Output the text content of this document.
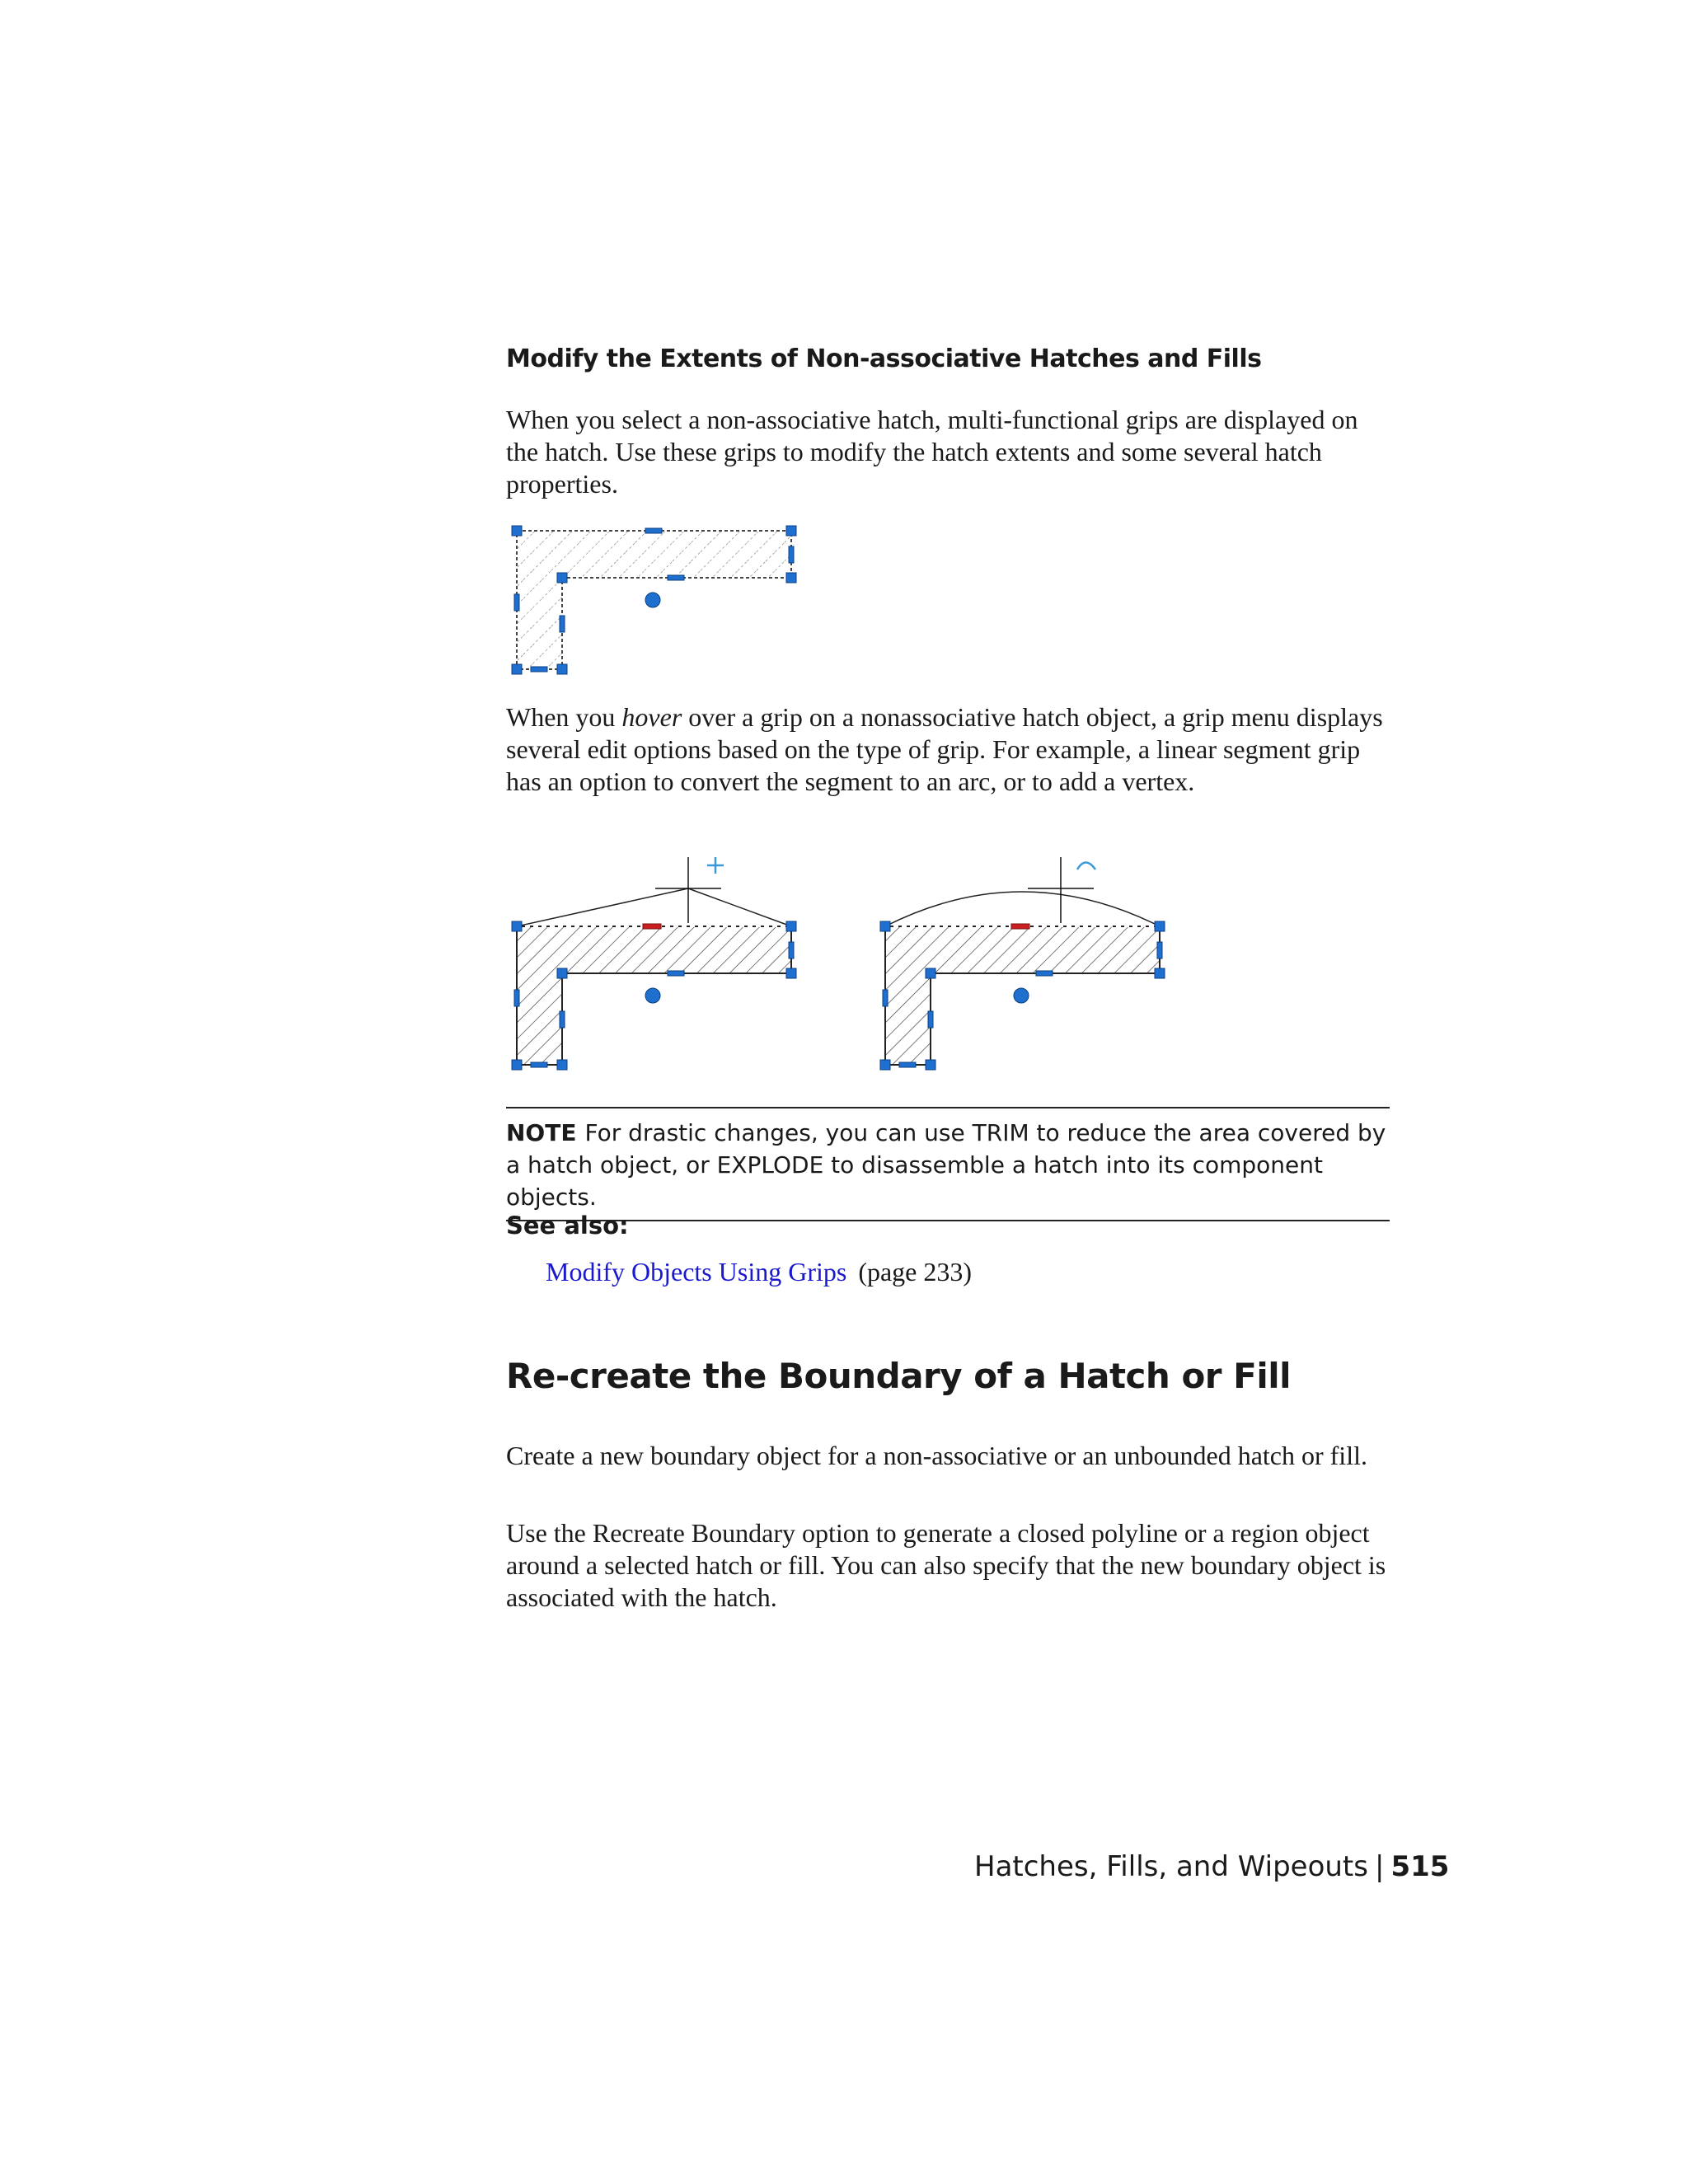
Modify the Extents of Non-associative Hatches and Fills
When you select a non-associative hatch, multi-functional grips are displayed on the hatch. Use these grips to modify the hatch extents and some several hatch properties.
When you hover over a grip on a nonassociative hatch object, a grip menu displays several edit options based on the type of grip. For example, a linear segment grip has an option to convert the segment to an arc, or to add a vertex.
NOTE For drastic changes, you can use TRIM to reduce the area covered by a hatch object, or EXPLODE to disassemble a hatch into its component objects.
See also:
Modify Objects Using Grips (page 233)
Re-create the Boundary of a Hatch or Fill
Create a new boundary object for a non-associative or an unbounded hatch or fill.
Use the Recreate Boundary option to generate a closed polyline or a region object around a selected hatch or fill. You can also specify that the new boundary object is associated with the hatch.
Hatches, Fills, and Wipeouts | 515
